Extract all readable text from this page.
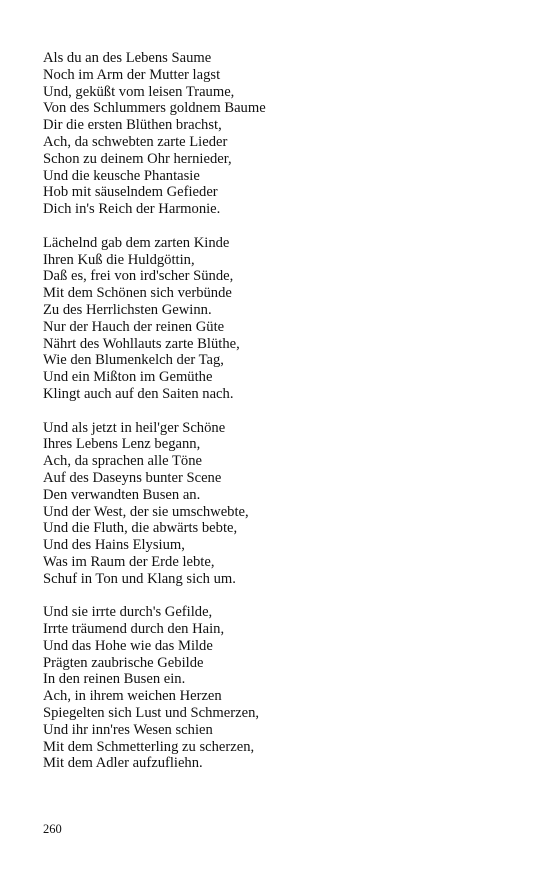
Als du an des Lebens Saume
Noch im Arm der Mutter lagst
Und, geküßt vom leisen Traume,
Von des Schlummers goldnem Baume
Dir die ersten Blüthen brachst,
Ach, da schwebten zarte Lieder
Schon zu deinem Ohr hernieder,
Und die keusche Phantasie
Hob mit säuselndem Gefieder
Dich in's Reich der Harmonie.
Lächelnd gab dem zarten Kinde
Ihren Kuß die Huldgöttin,
Daß es, frei von ird'scher Sünde,
Mit dem Schönen sich verbünde
Zu des Herrlichsten Gewinn.
Nur der Hauch der reinen Güte
Nährt des Wohllauts zarte Blüthe,
Wie den Blumenkelch der Tag,
Und ein Mißton im Gemüthe
Klingt auch auf den Saiten nach.
Und als jetzt in heil'ger Schöne
Ihres Lebens Lenz begann,
Ach, da sprachen alle Töne
Auf des Daseyns bunter Scene
Den verwandten Busen an.
Und der West, der sie umschwebte,
Und die Fluth, die abwärts bebte,
Und des Hains Elysium,
Was im Raum der Erde lebte,
Schuf in Ton und Klang sich um.
Und sie irrte durch's Gefilde,
Irrte träumend durch den Hain,
Und das Hohe wie das Milde
Prägten zaubrische Gebilde
In den reinen Busen ein.
Ach, in ihrem weichen Herzen
Spiegelten sich Lust und Schmerzen,
Und ihr inn'res Wesen schien
Mit dem Schmetterling zu scherzen,
Mit dem Adler aufzufliehn.
260
